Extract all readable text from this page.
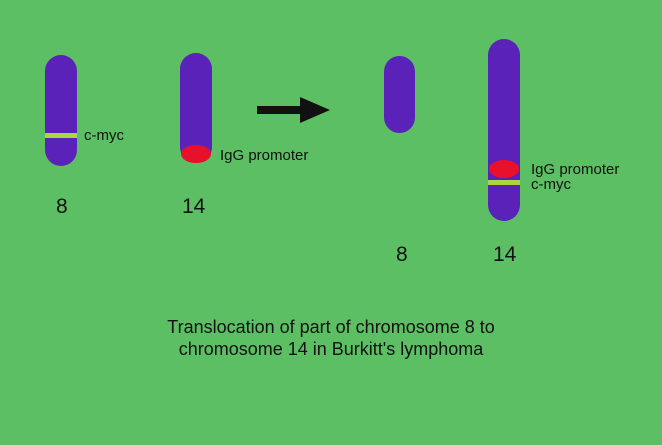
c-myc
IgG promoter
8	14
IgG promoter
c-myc
8	14
Translocation of part of chromosome 8 to
chromosome 14 in Burkitt's lymphoma
